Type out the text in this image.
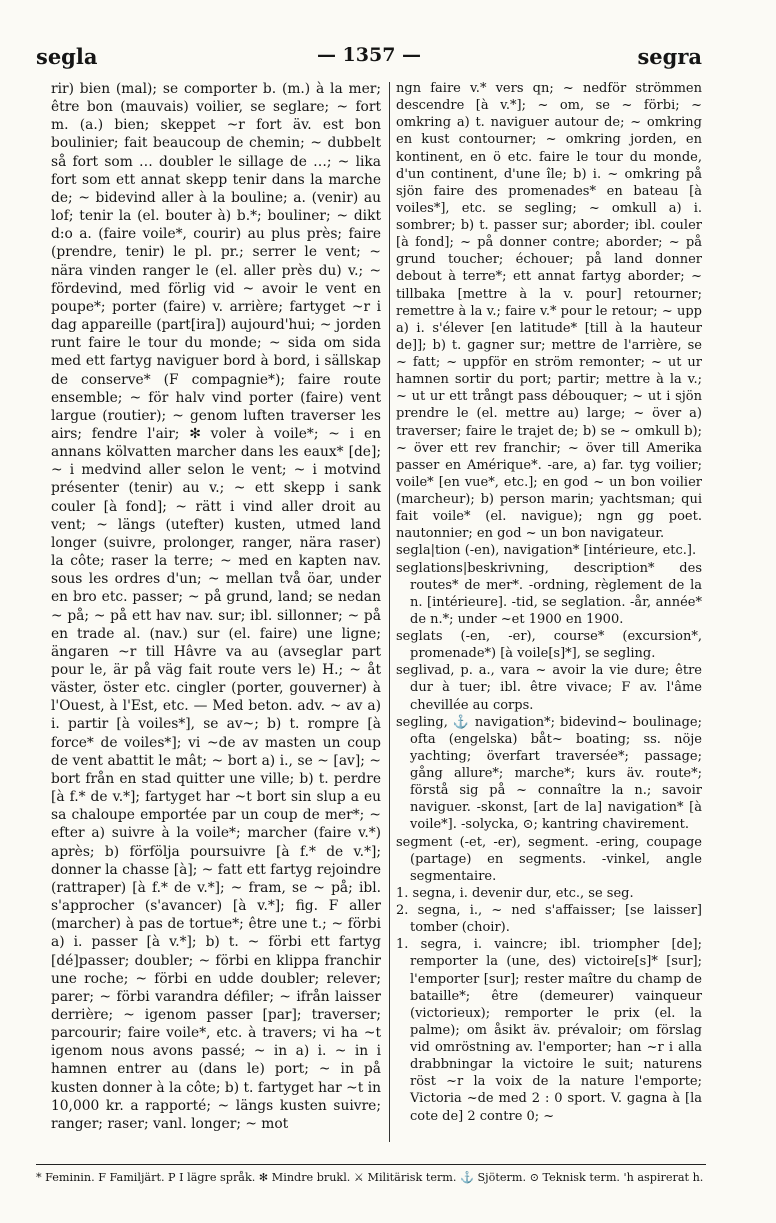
segla	— 1357 —	segra

rir) bien (mal); se comporter b. (m.) à la mer; être bon (mauvais) voilier, se seglare; ~ fort m. (a.) bien; skeppet ~r fort äv. est bon boulinier; fait beaucoup de chemin; ~ dubbelt så fort som … doubler le sillage de …; ~ lika fort som ett annat skepp tenir dans la marche de; ~ bidevind aller à la bouline; a. (venir) au lof; tenir la (el. bouter à) b.*; bouliner; ~ dikt d:o a. (faire voile*, courir) au plus près; faire (prendre, tenir) le pl. pr.; serrer le vent; ~ nära vinden ranger le (el. aller près du) v.; ~ fördevind, med förlig vid ~ avoir le vent en poupe*; porter (faire) v. arrière; fartyget ~r i dag appareille (part[ira]) aujourd'hui; ~ jorden runt faire le tour du monde; ~ sida om sida med ett fartyg naviguer bord à bord, i sällskap de conserve* (F compagnie*); faire route ensemble; ~ för halv vind porter (faire) vent largue (routier); ~ genom luften traverser les airs; fendre l'air; ✻ voler à voile*; ~ i en annans kölvatten marcher dans les eaux* [de]; ~ i medvind aller selon le vent; ~ i motvind présenter (tenir) au v.; ~ ett skepp i sank couler [à fond]; ~ rätt i vind aller droit au vent; ~ längs (utefter) kusten, utmed land longer (suivre, prolonger, ranger, nära raser) la côte; raser la terre; ~ med en kapten nav. sous les ordres d'un; ~ mellan två öar, under en bro etc. passer; ~ på grund, land; se nedan ~ på; ~ på ett hav nav. sur; ibl. sillonner; ~ på en trade al. (nav.) sur (el. faire) une ligne; ängaren ~r till Hâvre va au (avseglar part pour le, är på väg fait route vers le) H.; ~ åt väster, öster etc. cingler (porter, gouverner) à l'Ouest, à l'Est, etc. — Med beton. adv. ~ av a) i. partir [à voiles*], se av~; b) t. rompre [à force* de voiles*]; vi ~de av masten un coup de vent abattit le mât; ~ bort a) i., se ~ [av]; ~ bort från en stad quitter une ville; b) t. perdre [à f.* de v.*]; fartyget har ~t bort sin slup a eu sa chaloupe emportée par un coup de mer*; ~ efter a) suivre à la voile*; marcher (faire v.*) après; b) förfölja poursuivre [à f.* de v.*]; donner la chasse [à]; ~ fatt ett fartyg rejoindre (rattraper) [à f.* de v.*]; ~ fram, se ~ på; ibl. s'approcher (s'avancer) [à v.*]; fig. F aller (marcher) à pas de tortue*; être une t.; ~ förbi a) i. passer [à v.*]; b) t. ~ förbi ett fartyg [dé]passer; doubler; ~ förbi en klippa franchir une roche; ~ förbi en udde doubler; relever; parer; ~ förbi varandra défiler; ~ ifrån laisser derrière; ~ igenom passer [par]; traverser; parcourir; faire voile*, etc. à travers; vi ha ~t igenom nous avons passé; ~ in a) i. ~ in i hamnen entrer au (dans le) port; ~ in på kusten donner à la côte; b) t. fartyget har ~t in 10,000 kr. a rapporté; ~ längs kusten suivre; ranger; raser; vanl. longer; ~ mot

ngn faire v.* vers qn; ~ nedför strömmen descendre [à v.*]; ~ om, se ~ förbi; ~ omkring a) t. naviguer autour de; ~ omkring en kust contourner; ~ omkring jorden, en kontinent, en ö etc. faire le tour du monde, d'un continent, d'une île; b) i. ~ omkring på sjön faire des promenades* en bateau [à voiles*], etc. se segling; ~ omkull a) i. sombrer; b) t. passer sur; aborder; ibl. couler [à fond]; ~ på donner contre; aborder; ~ på grund toucher; échouer; på land donner debout à terre*; ett annat fartyg aborder; ~ tillbaka [mettre à la v. pour] retourner; remettre à la v.; faire v.* pour le retour; ~ upp a) i. s'élever [en latitude* [till à la hauteur de]]; b) t. gagner sur; mettre de l'arrière, se ~ fatt; ~ uppför en ström remonter; ~ ut ur hamnen sortir du port; partir; mettre à la v.; ~ ut ur ett trångt pass débouquer; ~ ut i sjön prendre le (el. mettre au) large; ~ över a) traverser; faire le trajet de; b) se ~ omkull b); ~ över ett rev franchir; ~ över till Amerika passer en Amérique*. -are, a) far. tyg voilier; voile* [en vue*, etc.]; en god ~ un bon voilier (marcheur); b) person marin; yachtsman; qui fait voile* (el. navigue); ngn gg poet. nautonnier; en god ~ un bon navigateur.

segla|tion (-en), navigation* [intérieure, etc.].

seglations|beskrivning, description* des routes* de mer*. -ordning, règlement de la n. [intérieure]. -tid, se seglation. -år, année* de n.*; under ~et 1900 en 1900.

seglats (-en, -er), course* (excursion*, promenade*) [à voile[s]*], se segling.

seglivad, p. a., vara ~ avoir la vie dure; être dur à tuer; ibl. être vivace; F av. l'âme chevillée au corps.

segling, ⚓ navigation*; bidevind~ boulinage; ofta (engelska) båt~ boating; ss. nöje yachting; överfart traversée*; passage; gång allure*; marche*; kurs äv. route*; förstå sig på ~ connaître la n.; savoir naviguer. -skonst, [art de la] navigation* [à voile*]. -solycka, ⊙; kantring chavirement.

segment (-et, -er), segment. -ering, coupage (partage) en segments. -vinkel, angle segmentaire.

1. segna, i. devenir dur, etc., se seg.

2. segna, i., ~ ned s'affaisser; [se laisser] tomber (choir).

1. segra, i. vaincre; ibl. triompher [de]; remporter la (une, des) victoire[s]* [sur]; l'emporter [sur]; rester maître du champ de bataille*; être (demeurer) vainqueur (victorieux); remporter le prix (el. la palme); om åsikt äv. prévaloir; om förslag vid omröstning av. l'emporter; han ~r i alla drabbningar la victoire le suit; naturens röst ~r la voix de la nature l'emporte; Victoria ~de med 2 : 0 sport. V. gagna à [la cote de] 2 contre 0; ~

* Feminin. F Familjärt. P I lägre språk. ✻ Mindre brukl. ⚔ Militärisk term. ⚓ Sjöterm. ⊙ Teknisk term. 'h aspirerat h.
